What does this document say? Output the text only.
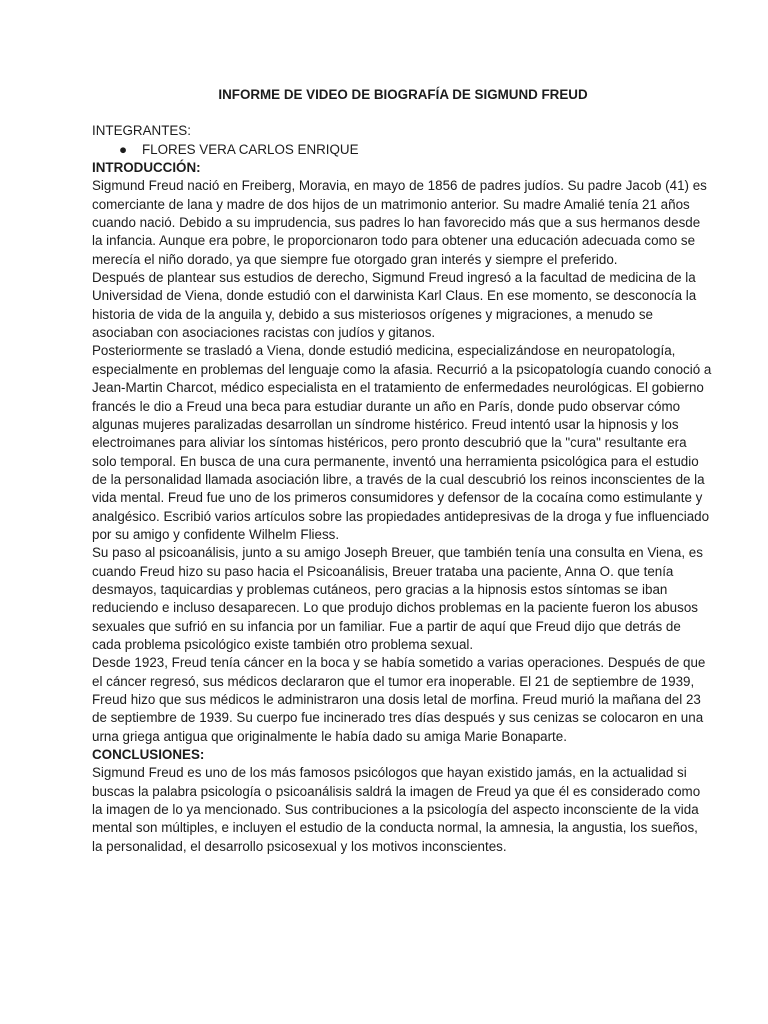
INFORME DE VIDEO DE BIOGRAFÍA DE SIGMUND FREUD
INTEGRANTES:
● FLORES VERA CARLOS ENRIQUE
INTRODUCCIÓN:

Sigmund Freud nació en Freiberg, Moravia, en mayo de 1856 de padres judíos. Su padre Jacob (41) es comerciante de lana y madre de dos hijos de un matrimonio anterior. Su madre Amalié tenía 21 años cuando nació. Debido a su imprudencia, sus padres lo han favorecido más que a sus hermanos desde la infancia. Aunque era pobre, le proporcionaron todo para obtener una educación adecuada como se merecía el niño dorado, ya que siempre fue otorgado gran interés y siempre el preferido.

Después de plantear sus estudios de derecho, Sigmund Freud ingresó a la facultad de medicina de la Universidad de Viena, donde estudió con el darwinista Karl Claus. En ese momento, se desconocía la historia de vida de la anguila y, debido a sus misteriosos orígenes y migraciones, a menudo se asociaban con asociaciones racistas con judíos y gitanos.

Posteriormente se trasladó a Viena, donde estudió medicina, especializándose en neuropatología, especialmente en problemas del lenguaje como la afasia. Recurrió a la psicopatología cuando conoció a Jean-Martin Charcot, médico especialista en el tratamiento de enfermedades neurológicas. El gobierno francés le dio a Freud una beca para estudiar durante un año en París, donde pudo observar cómo algunas mujeres paralizadas desarrollan un síndrome histérico. Freud intentó usar la hipnosis y los electroimanes para aliviar los síntomas histéricos, pero pronto descubrió que la "cura" resultante era solo temporal. En busca de una cura permanente, inventó una herramienta psicológica para el estudio de la personalidad llamada asociación libre, a través de la cual descubrió los reinos inconscientes de la vida mental. Freud fue uno de los primeros consumidores y defensor de la cocaína como estimulante y analgésico. Escribió varios artículos sobre las propiedades antidepresivas de la droga y fue influenciado por su amigo y confidente Wilhelm Fliess.

Su paso al psicoanálisis, junto a su amigo Joseph Breuer, que también tenía una consulta en Viena, es cuando Freud hizo su paso hacia el Psicoanálisis, Breuer trataba una paciente, Anna O. que tenía desmayos, taquicardias y problemas cutáneos, pero gracias a la hipnosis estos síntomas se iban reduciendo e incluso desaparecen. Lo que produjo dichos problemas en la paciente fueron los abusos sexuales que sufrió en su infancia por un familiar. Fue a partir de aquí que Freud dijo que detrás de cada problema psicológico existe también otro problema sexual.

Desde 1923, Freud tenía cáncer en la boca y se había sometido a varias operaciones. Después de que el cáncer regresó, sus médicos declararon que el tumor era inoperable. El 21 de septiembre de 1939, Freud hizo que sus médicos le administraron una dosis letal de morfina. Freud murió la mañana del 23 de septiembre de 1939. Su cuerpo fue incinerado tres días después y sus cenizas se colocaron en una urna griega antigua que originalmente le había dado su amiga Marie Bonaparte.

CONCLUSIONES:

Sigmund Freud es uno de los más famosos psicólogos que hayan existido jamás, en la actualidad si buscas la palabra psicología o psicoanálisis saldrá la imagen de Freud ya que él es considerado como la imagen de lo ya mencionado. Sus contribuciones a la psicología del aspecto inconsciente de la vida mental son múltiples, e incluyen el estudio de la conducta normal, la amnesia, la angustia, los sueños, la personalidad, el desarrollo psicosexual y los motivos inconscientes.
